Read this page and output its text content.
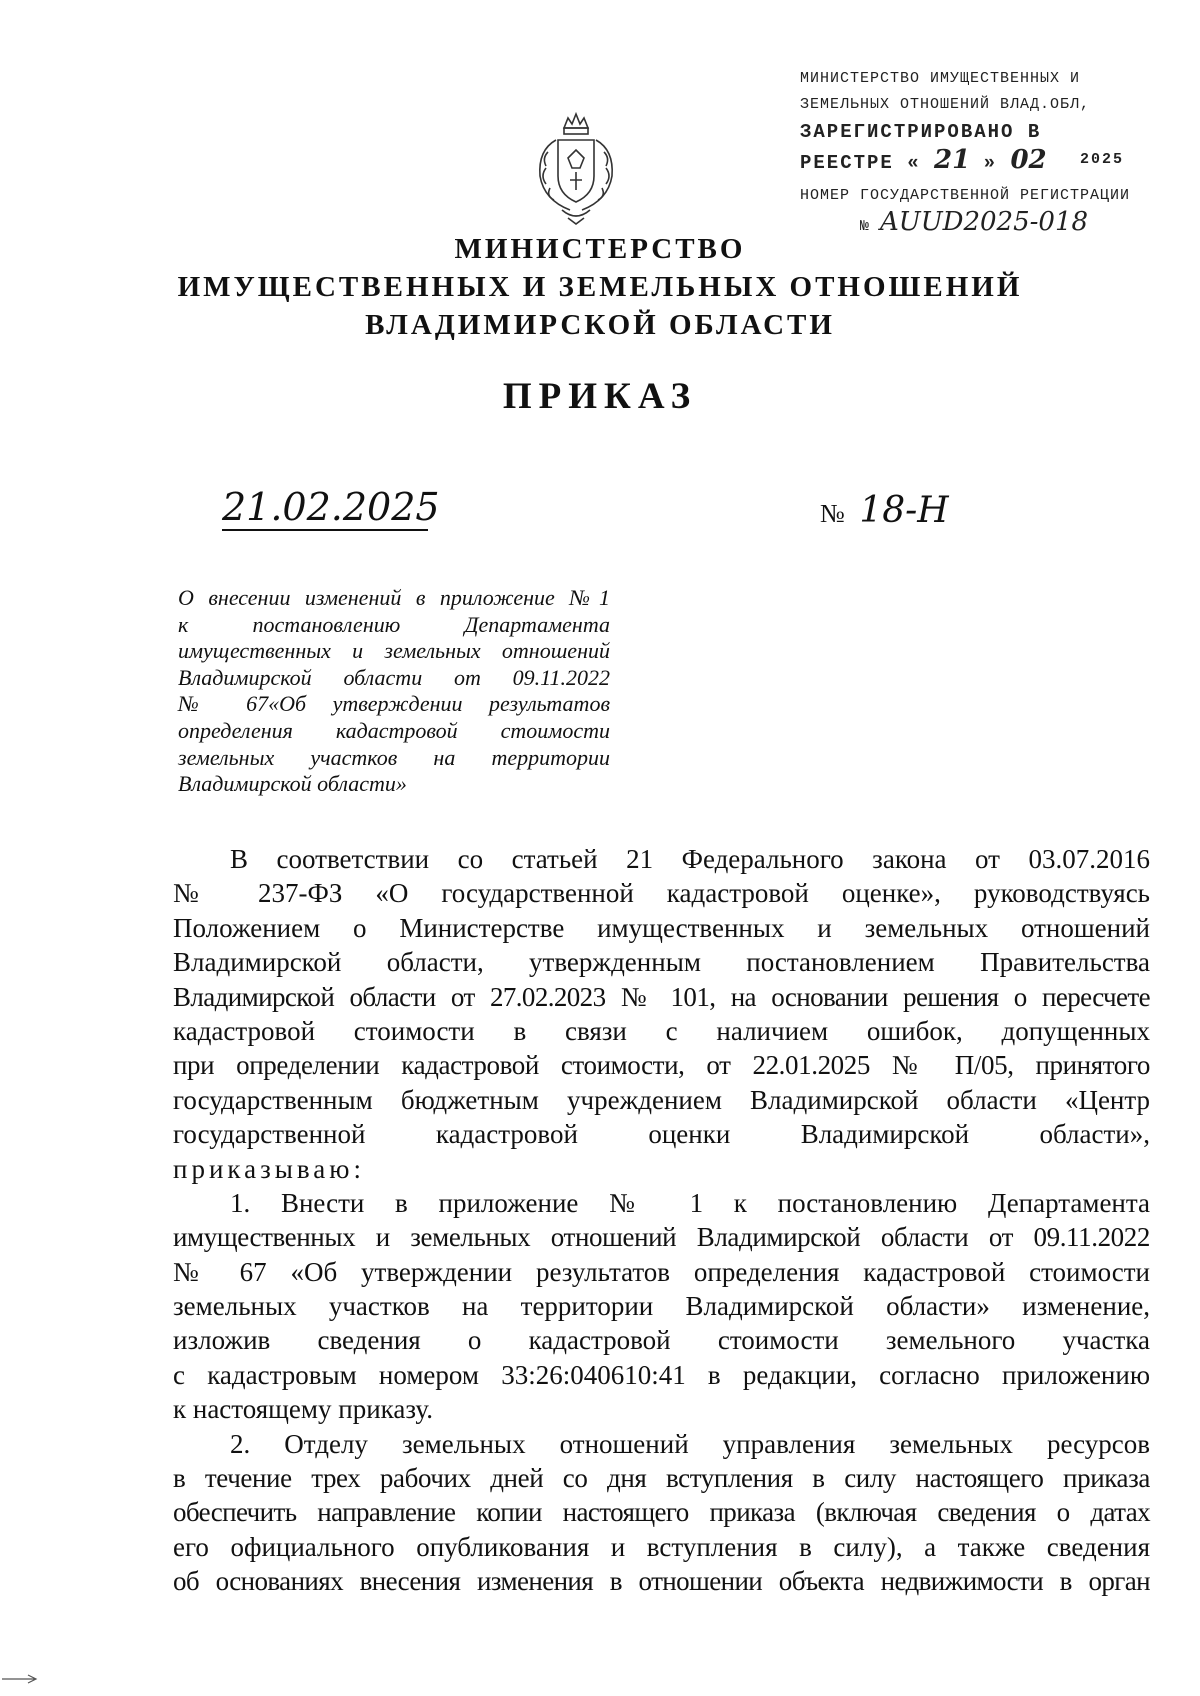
МИНИСТЕРСТВО ИМУЩЕСТВЕННЫХ И
ЗЕМЕЛЬНЫХ ОТНОШЕНИЙ ВЛАД.ОБЛ,
ЗАРЕГИСТРИРОВАНО В
РЕЕСТРЕ « 21 » 02 2025
НОМЕР ГОСУДАРСТВЕННОЙ РЕГИСТРАЦИИ
№ AUUD2025-018
МИНИСТЕРСТВО
ИМУЩЕСТВЕННЫХ И ЗЕМЕЛЬНЫХ ОТНОШЕНИЙ
ВЛАДИМИРСКОЙ ОБЛАСТИ
ПРИКАЗ
21.02.2025	№ 18-Н
О внесении изменений в приложение №1
к постановлению Департамента
имущественных и земельных отношений
Владимирской области от 09.11.2022
№ 67«Об утверждении результатов
определения кадастровой стоимости
земельных участков на территории
Владимирской области»
В соответствии со статьей 21 Федерального закона от 03.07.2016
№ 237-ФЗ «О государственной кадастровой оценке», руководствуясь
Положением о Министерстве имущественных и земельных отношений
Владимирской области, утвержденным постановлением Правительства
Владимирской области от 27.02.2023 № 101, на основании решения о пересчете
кадастровой стоимости в связи с наличием ошибок, допущенных
при определении кадастровой стоимости, от 22.01.2025 № П/05, принятого
государственным бюджетным учреждением Владимирской области «Центр
государственной кадастровой оценки Владимирской области»,
приказываю:
1. Внести в приложение № 1 к постановлению Департамента
имущественных и земельных отношений Владимирской области от 09.11.2022
№ 67 «Об утверждении результатов определения кадастровой стоимости
земельных участков на территории Владимирской области» изменение,
изложив сведения о кадастровой стоимости земельного участка
с кадастровым номером 33:26:040610:41 в редакции, согласно приложению
к настоящему приказу.
2. Отделу земельных отношений управления земельных ресурсов
в течение трех рабочих дней со дня вступления в силу настоящего приказа
обеспечить направление копии настоящего приказа (включая сведения о датах
его официального опубликования и вступления в силу), а также сведения
об основаниях внесения изменения в отношении объекта недвижимости в орган
